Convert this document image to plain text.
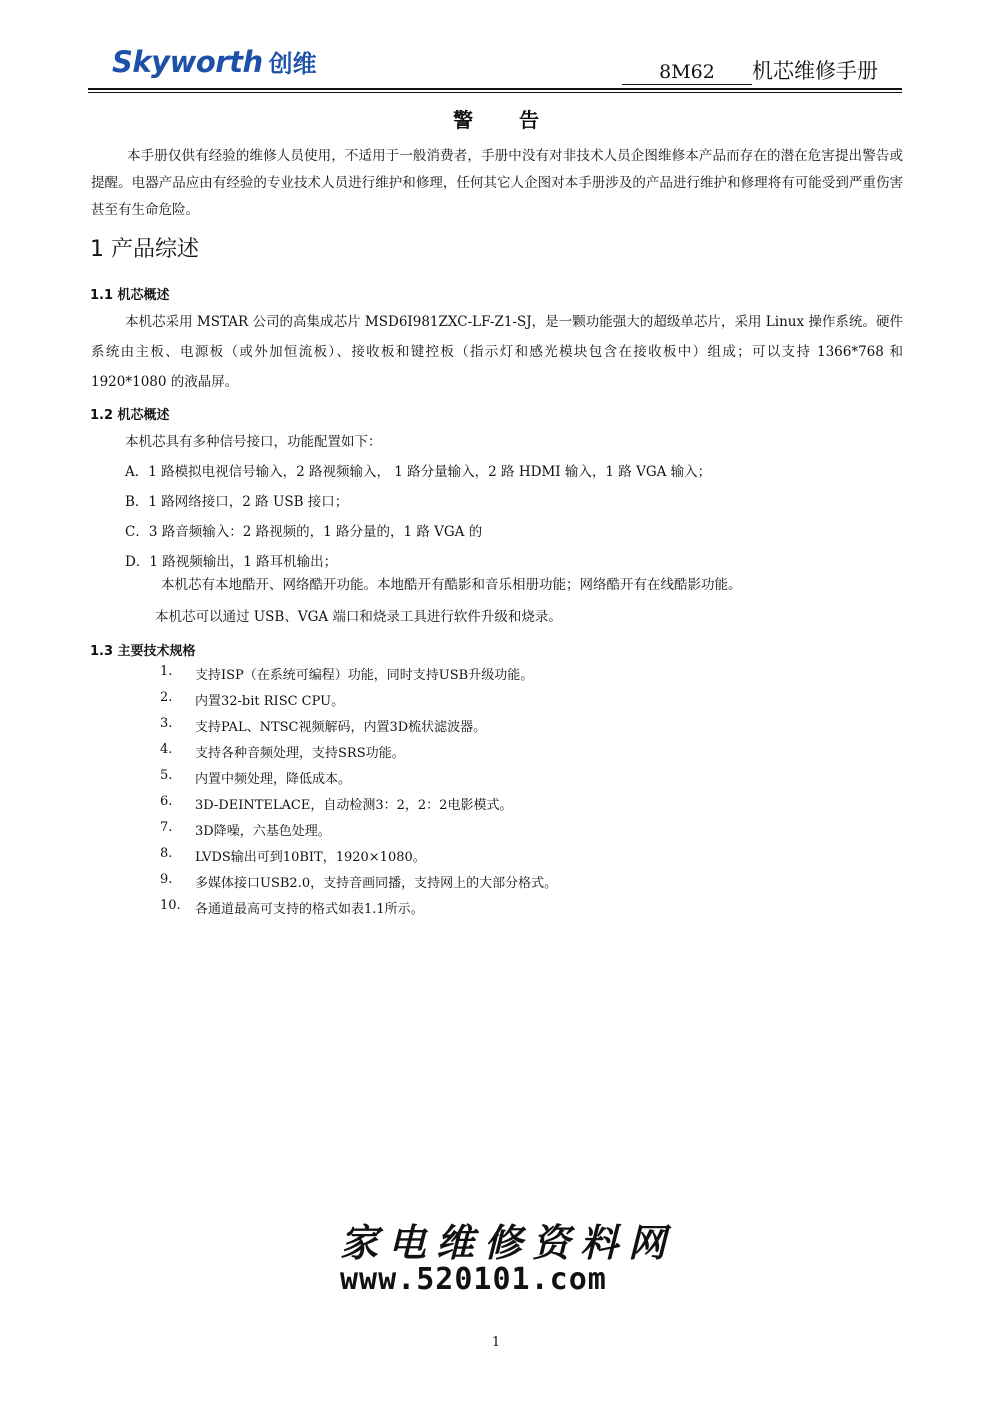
Skyworth 创维	8M62	机芯维修手册
警告
本手册仅供有经验的维修人员使用，不适用于一般消费者，手册中没有对非技术人员企图维修本产品而存在的潜在危害提出警告或提醒。电器产品应由有经验的专业技术人员进行维护和修理，任何其它人企图对本手册涉及的产品进行维护和修理将有可能受到严重伤害甚至有生命危险。
1 产品综述
1.1 机芯概述
本机芯采用 MSTAR 公司的高集成芯片 MSD6I981ZXC-LF-Z1-SJ，是一颗功能强大的超级单芯片，采用 Linux 操作系统。硬件系统由主板、电源板（或外加恒流板）、接收板和键控板（指示灯和感光模块包含在接收板中）组成；可以支持 1366*768 和 1920*1080 的液晶屏。
1.2 机芯概述
本机芯具有多种信号接口，功能配置如下：
A．1 路模拟电视信号输入，2 路视频输入， 1 路分量输入，2 路 HDMI 输入，1 路 VGA 输入；
B．1 路网络接口，2 路 USB 接口；
C．3 路音频输入：2 路视频的，1 路分量的，1 路 VGA 的
D．1 路视频输出，1 路耳机输出；
本机芯有本地酷开、网络酷开功能。本地酷开有酷影和音乐相册功能；网络酷开有在线酷影功能。
本机芯可以通过 USB、VGA 端口和烧录工具进行软件升级和烧录。
1.3 主要技术规格
1.	支持ISP（在系统可编程）功能，同时支持USB升级功能。
2.	内置32-bit RISC CPU。
3.	支持PAL、NTSC视频解码，内置3D梳状滤波器。
4.	支持各种音频处理，支持SRS功能。
5.	内置中频处理，降低成本。
6.	3D-DEINTELACE，自动检测3：2，2：2电影模式。
7.	3D降噪，六基色处理。
8.	LVDS输出可到10BIT，1920×1080。
9.	多媒体接口USB2.0，支持音画同播，支持网上的大部分格式。
10.	各通道最高可支持的格式如表1.1所示。
家电维修资料网
www.520101.com
1
